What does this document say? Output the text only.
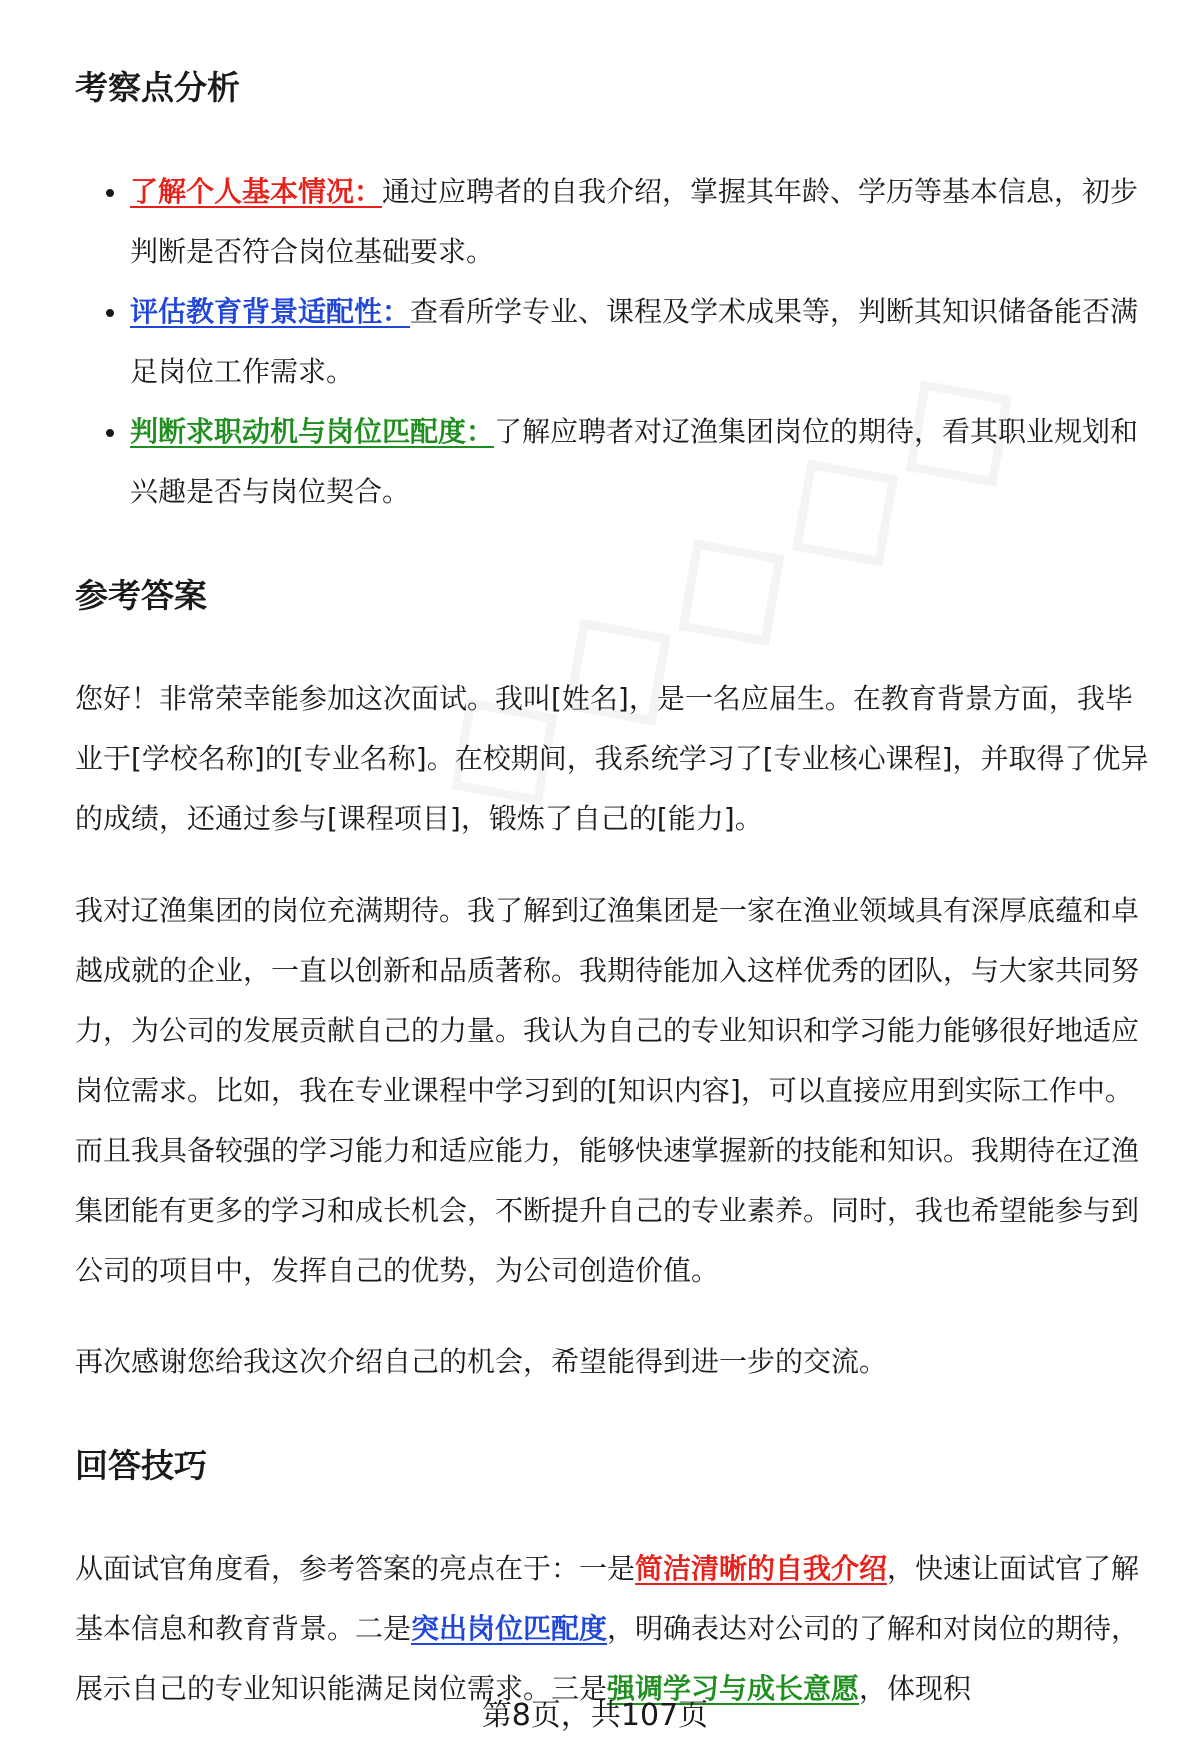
考察点分析
了解个人基本情况：通过应聘者的自我介绍，掌握其年龄、学历等基本信息，初步判断是否符合岗位基础要求。
评估教育背景适配性：查看所学专业、课程及学术成果等，判断其知识储备能否满足岗位工作需求。
判断求职动机与岗位匹配度：了解应聘者对辽渔集团岗位的期待，看其职业规划和兴趣是否与岗位契合。
参考答案

您好！非常荣幸能参加这次面试。我叫[姓名]，是一名应届生。在教育背景方面，我毕业于[学校名称]的[专业名称]。在校期间，我系统学习了[专业核心课程]，并取得了优异的成绩，还通过参与[课程项目]，锻炼了自己的[能力]。

我对辽渔集团的岗位充满期待。我了解到辽渔集团是一家在渔业领域具有深厚底蕴和卓越成就的企业，一直以创新和品质著称。我期待能加入这样优秀的团队，与大家共同努力，为公司的发展贡献自己的力量。我认为自己的专业知识和学习能力能够很好地适应岗位需求。比如，我在专业课程中学习到的[知识内容]，可以直接应用到实际工作中。而且我具备较强的学习能力和适应能力，能够快速掌握新的技能和知识。我期待在辽渔集团能有更多的学习和成长机会，不断提升自己的专业素养。同时，我也希望能参与到公司的项目中，发挥自己的优势，为公司创造价值。

再次感谢您给我这次介绍自己的机会，希望能得到进一步的交流。

回答技巧

从面试官角度看，参考答案的亮点在于：一是简洁清晰的自我介绍，快速让面试官了解基本信息和教育背景。二是突出岗位匹配度，明确表达对公司的了解和对岗位的期待，展示自己的专业知识能满足岗位需求。三是强调学习与成长意愿，体现积

第8页，共107页
